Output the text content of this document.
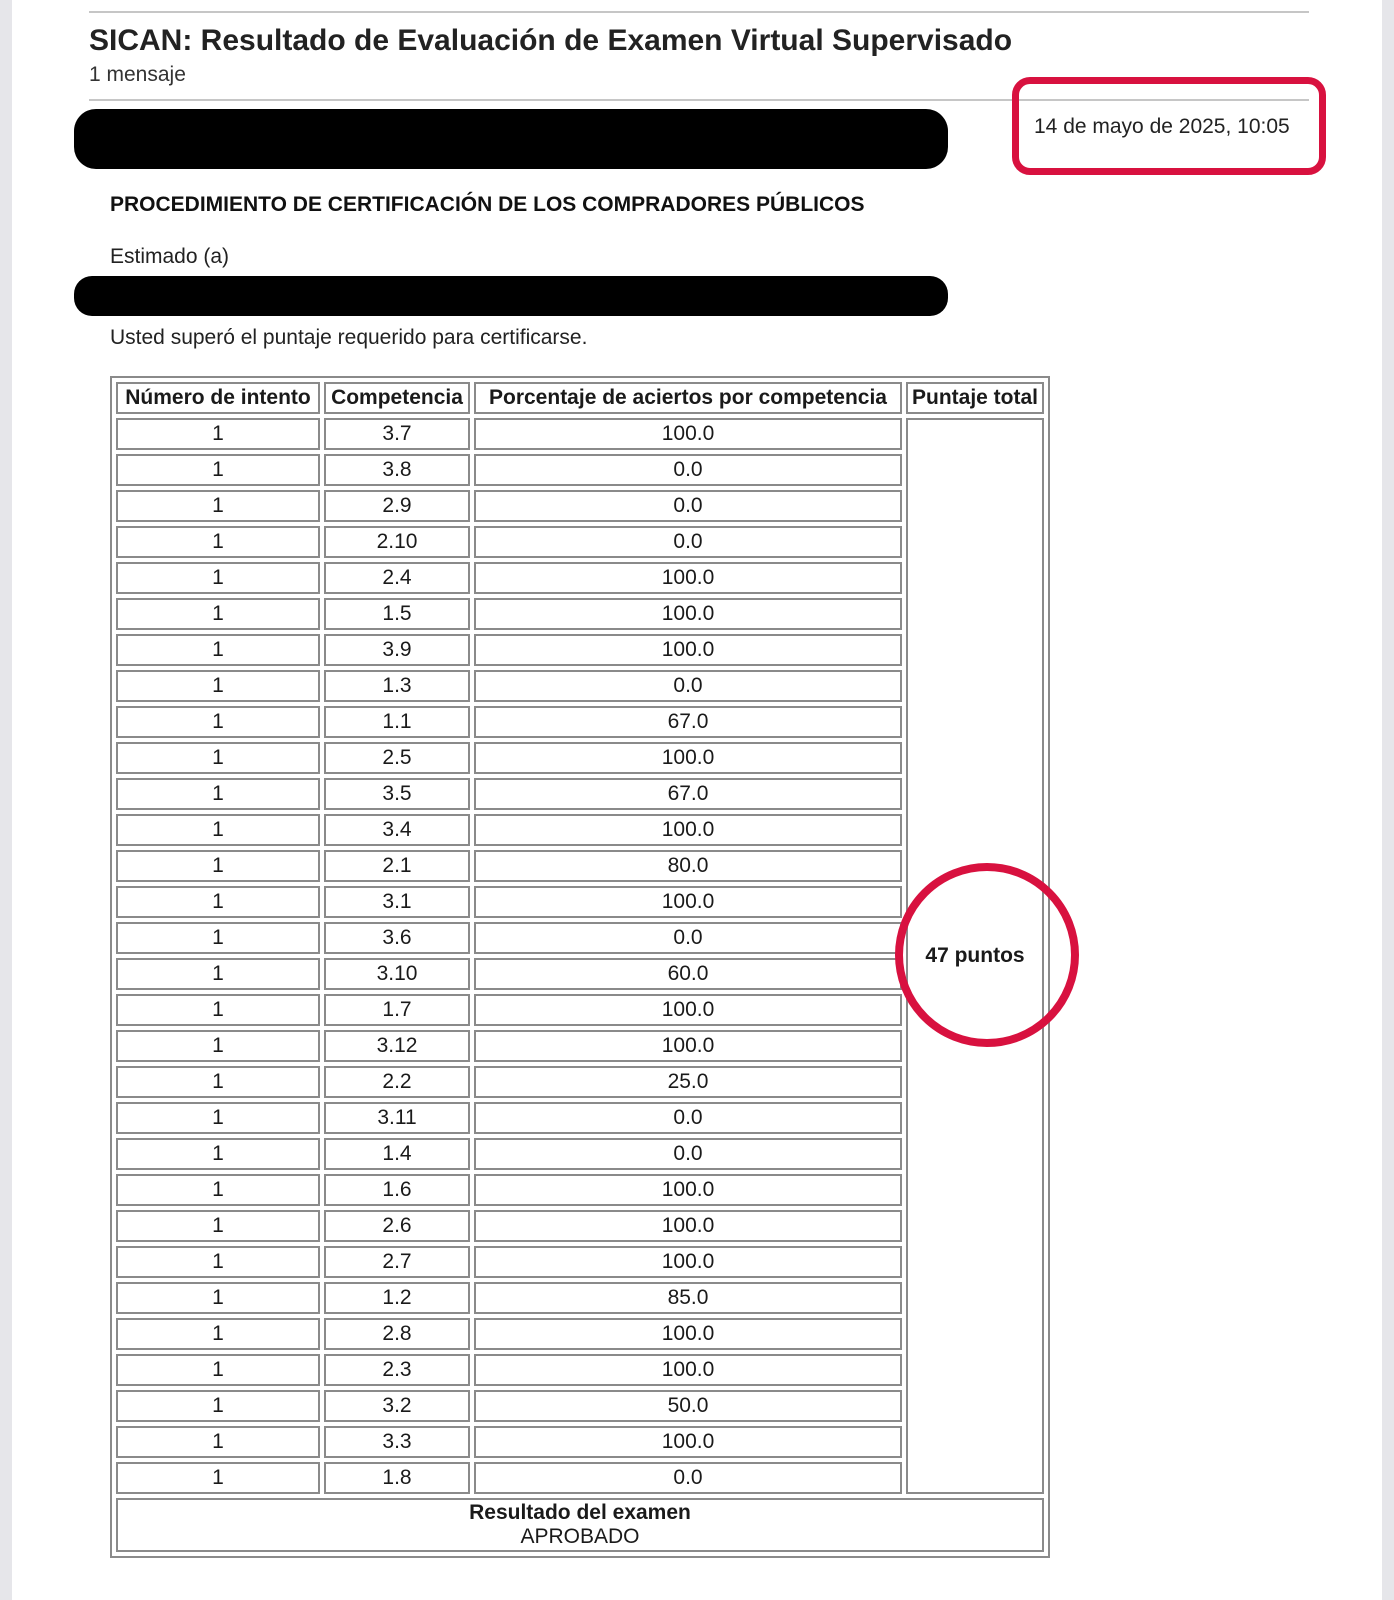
SICAN: Resultado de Evaluación de Examen Virtual Supervisado
1 mensaje
14 de mayo de 2025, 10:05
PROCEDIMIENTO DE CERTIFICACIÓN DE LOS COMPRADORES PÚBLICOS
Estimado (a)
Usted superó el puntaje requerido para certificarse.
Número de intento	Competencia	Porcentaje de aciertos por competencia	Puntaje total
1	3.7	100.0	47 puntos
1	3.8	0.0	
1	2.9	0.0	
1	2.10	0.0	
1	2.4	100.0	
1	1.5	100.0	
1	3.9	100.0	
1	1.3	0.0	
1	1.1	67.0	
1	2.5	100.0	
1	3.5	67.0	
1	3.4	100.0	
1	2.1	80.0	
1	3.1	100.0	
1	3.6	0.0	
1	3.10	60.0	
1	1.7	100.0	
1	3.12	100.0	
1	2.2	25.0	
1	3.11	0.0	
1	1.4	0.0	
1	1.6	100.0	
1	2.6	100.0	
1	2.7	100.0	
1	1.2	85.0	
1	2.8	100.0	
1	2.3	100.0	
1	3.2	50.0	
1	3.3	100.0	
1	1.8	0.0	

Resultado del examen
APROBADO			
